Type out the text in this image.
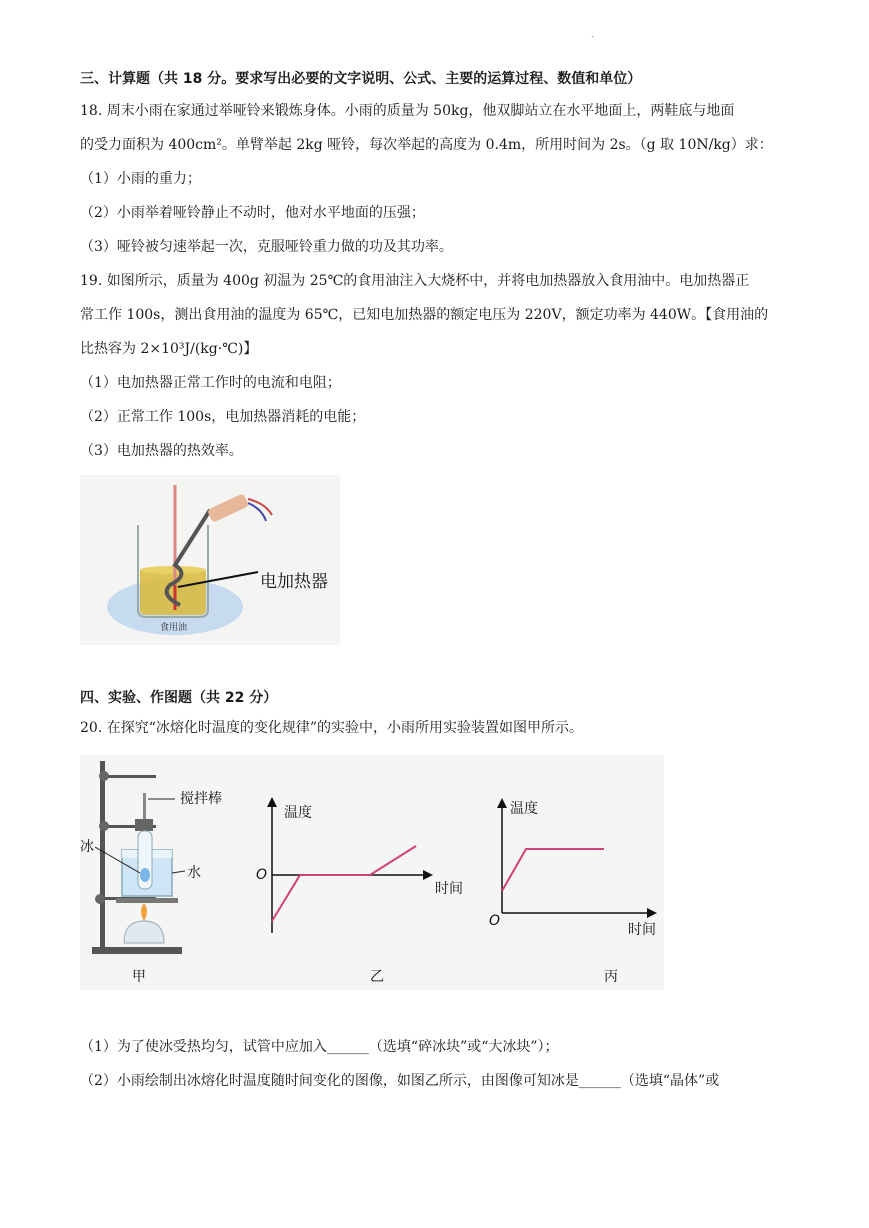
.
三、计算题（共 18 分。要求写出必要的文字说明、公式、主要的运算过程、数值和单位）
18. 周末小雨在家通过举哑铃来锻炼身体。小雨的质量为 50kg，他双脚站立在水平地面上，两鞋底与地面
的受力面积为 400cm²。单臂举起 2kg 哑铃，每次举起的高度为 0.4m，所用时间为 2s。（g 取 10N/kg）求：
（1）小雨的重力；
（2）小雨举着哑铃静止不动时，他对水平地面的压强；
（3）哑铃被匀速举起一次，克服哑铃重力做的功及其功率。
19. 如图所示，质量为 400g 初温为 25℃的食用油注入大烧杯中，并将电加热器放入食用油中。电加热器正
常工作 100s，测出食用油的温度为 65℃，已知电加热器的额定电压为 220V，额定功率为 440W。【食用油的
比热容为 2×10³J/(kg·℃)】
（1）电加热器正常工作时的电流和电阻；
（2）正常工作 100s，电加热器消耗的电能；
（3）电加热器的热效率。
电加热器
食用油
四、实验、作图题（共 22 分）
20. 在探究“冰熔化时温度的变化规律”的实验中，小雨所用实验装置如图甲所示。
搅拌棒
冰
水
甲
温度
时间
O
乙
温度
时间
O
丙
（1）为了使冰受热均匀，试管中应加入______（选填“碎冰块”或“大冰块”）；
（2）小雨绘制出冰熔化时温度随时间变化的图像，如图乙所示，由图像可知冰是______（选填“晶体”或
